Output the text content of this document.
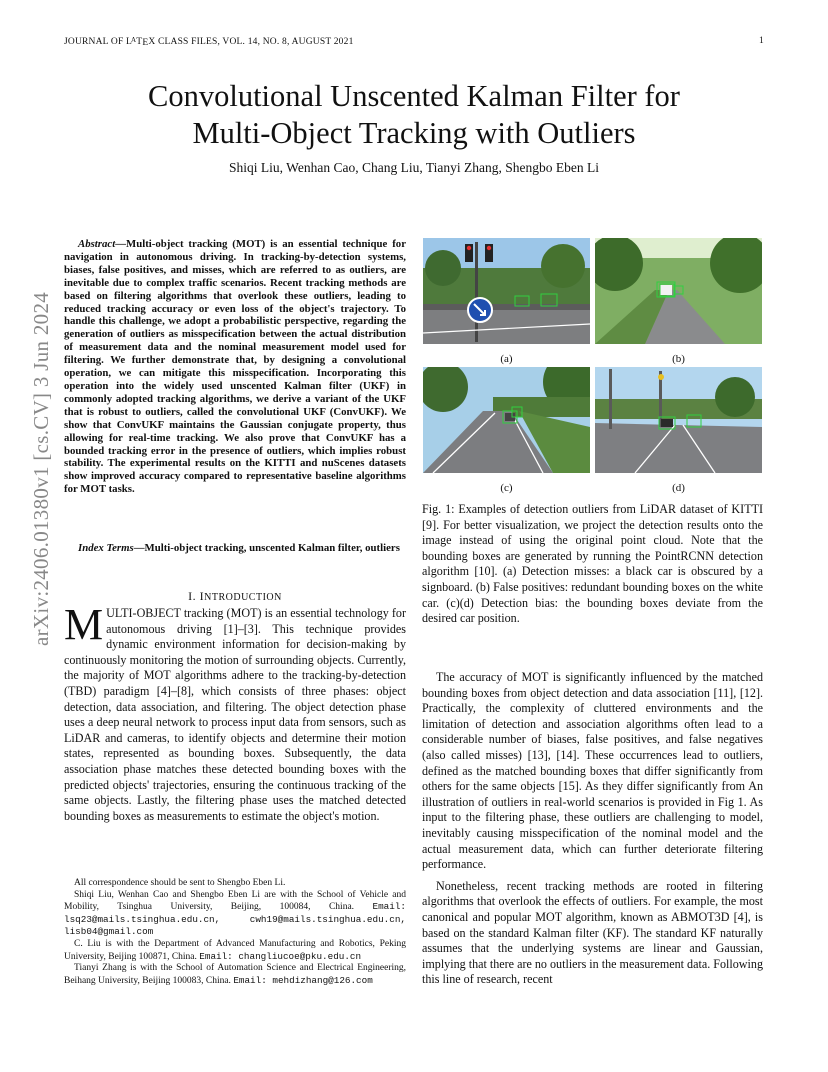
JOURNAL OF $L^ATEX$ CLASS FILES, VOL. 14, NO. 8, AUGUST 2021	1
Convolutional Unscented Kalman Filter for
Multi-Object Tracking with Outliers
Shiqi Liu, Wenhan Cao, Chang Liu, Tianyi Zhang, Shengbo Eben Li
arXiv:2406.01380v1 [cs.CV] 3 Jun 2024
Abstract—Multi-object tracking (MOT) is an essential technique for navigation in autonomous driving. In tracking-by-detection systems, biases, false positives, and misses, which are referred to as outliers, are inevitable due to complex traffic scenarios. Recent tracking methods are based on filtering algorithms that overlook these outliers, leading to reduced tracking accuracy or even loss of the object's trajectory. To handle this challenge, we adopt a probabilistic perspective, regarding the generation of outliers as misspecification between the actual distribution of measurement data and the nominal measurement model used for filtering. We further demonstrate that, by designing a convolutional operation, we can mitigate this misspecification. Incorporating this operation into the widely used unscented Kalman filter (UKF) in commonly adopted tracking algorithms, we derive a variant of the UKF that is robust to outliers, called the convolutional UKF (ConvUKF). We show that ConvUKF maintains the Gaussian conjugate property, thus allowing for real-time tracking. We also prove that ConvUKF has a bounded tracking error in the presence of outliers, which implies robust stability. The experimental results on the KITTI and nuScenes datasets show improved accuracy compared to representative baseline algorithms for MOT tasks.
Index Terms—Multi-object tracking, unscented Kalman filter, outliers
I. INTRODUCTION
MULTI-OBJECT tracking (MOT) is an essential technology for autonomous driving [1]–[3]. This technique provides dynamic environment information for decision-making by continuously monitoring the motion of surrounding objects. Currently, the majority of MOT algorithms adhere to the tracking-by-detection (TBD) paradigm [4]–[8], which consists of three phases: object detection, data association, and filtering. The object detection phase uses a deep neural network to process input data from sensors, such as LiDAR and cameras, to identify objects and determine their motion states, represented as bounding boxes. Subsequently, the data association phase matches these detected bounding boxes with the predicted objects' trajectories, ensuring the continuous tracking of the same objects. Lastly, the filtering phase uses the matched detected bounding boxes as measurements to estimate the object's motion.

All correspondence should be sent to Shengbo Eben Li.

Shiqi Liu, Wenhan Cao and Shengbo Eben Li are with the School of Vehicle and Mobility, Tsinghua University, Beijing, 100084, China. Email: lsq23@mails.tsinghua.edu.cn, cwh19@mails.tsinghua.edu.cn, lisb04@gmail.com

C. Liu is with the Department of Advanced Manufacturing and Robotics, Peking University, Beijing 100871, China. Email: changliucoe@pku.edu.cn

Tianyi Zhang is with the School of Automation Science and Electrical Engineering, Beihang University, Beijing 100083, China. Email: mehdizhang@126.com

(a)	(b)
(c)	(d)
Fig. 1: Examples of detection outliers from LiDAR dataset of KITTI [9]. For better visualization, we project the detection results onto the image instead of using the original point cloud. Note that the bounding boxes are generated by running the PointRCNN detection algorithm [10]. (a) Detection misses: a black car is obscured by a signboard. (b) False positives: redundant bounding boxes on the white car. (c)(d) Detection bias: the bounding boxes deviate from the desired car position.

The accuracy of MOT is significantly influenced by the matched bounding boxes from object detection and data association [11], [12]. Practically, the complexity of cluttered environments and the limitation of detection and association algorithms often lead to a considerable number of biases, false positives, and false negatives (also called misses) [13], [14]. These occurrences lead to outliers, defined as the matched bounding boxes that differ significantly from others for the same objects [15]. As they differ significantly from An illustration of outliers in real-world scenarios is provided in Fig 1. As input to the filtering phase, these outliers are challenging to model, inevitably causing misspecification of the nominal model and the actual measurement data, which can further deteriorate filtering performance.

Nonetheless, recent tracking methods are rooted in filtering algorithms that overlook the effects of outliers. For example, the most canonical and popular MOT algorithm, known as ABMOT3D [4], is based on the standard Kalman filter (KF). The standard KF naturally assumes that the underlying systems are linear and Gaussian, implying that there are no outliers in the measurement data. Following this line of research, recent
